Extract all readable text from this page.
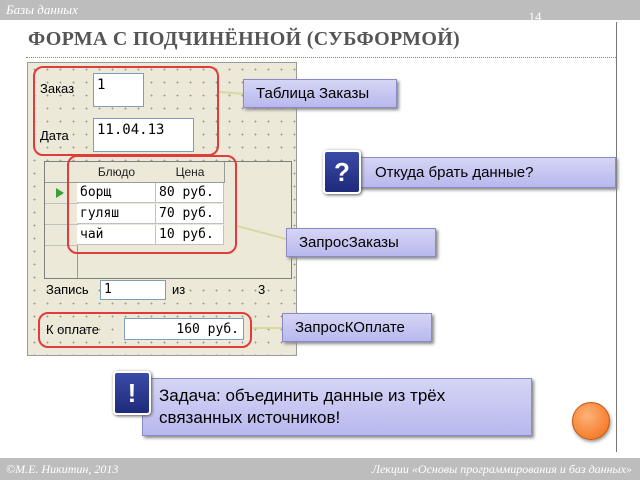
Базы данных	14
ФОРМА С ПОДЧИНЁННОЙ (СУБФОРМОЙ)
Заказ 1
Дата 11.04.13
Блюдо	Цена
борщ	80 руб.
гуляш	70 руб.
чай	10 руб.
Запись	1	из	3
К оплате	160 руб.
Таблица Заказы
Откуда брать данные?
?
ЗапросЗаказы
ЗапросКОплате
Задача: объединить данные из трёх
связанных источников!
!
©М.Е. Никитин, 2013	Лекции «Основы программирования и баз данных»
